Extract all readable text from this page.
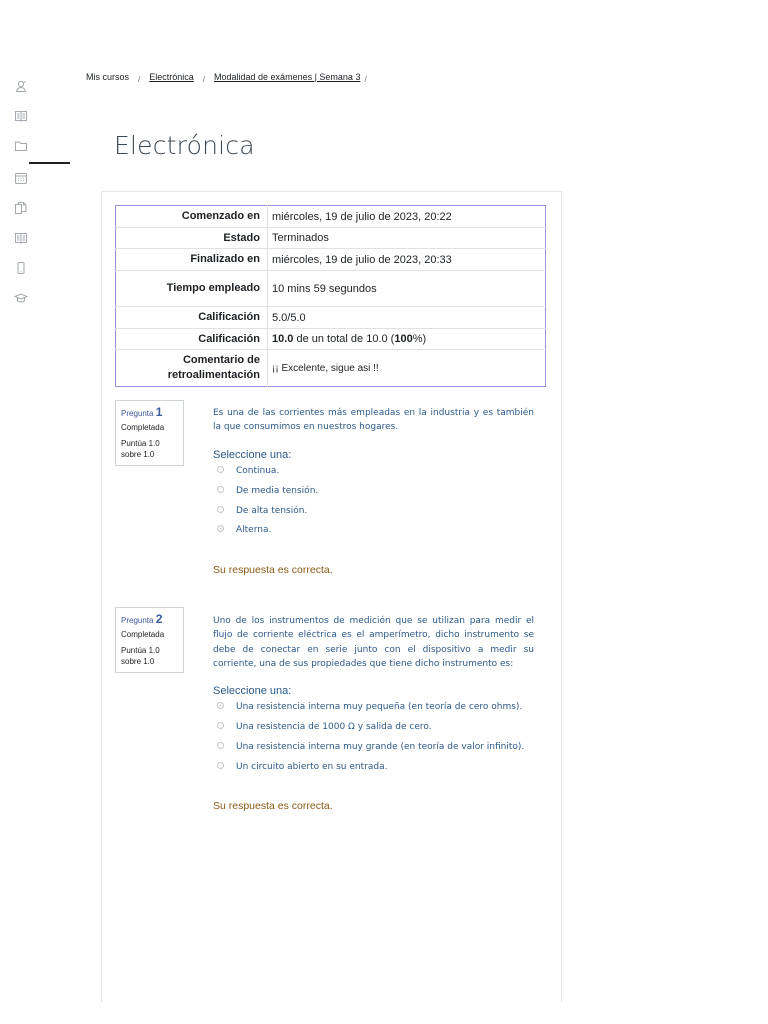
Mis cursos / Electrónica / Modalidad de exámenes | Semana 3 /
Electrónica
Comenzado en	miércoles, 19 de julio de 2023, 20:22
Estado	Terminados
Finalizado en	miércoles, 19 de julio de 2023, 20:33
Tiempo empleado	10 mins 59 segundos
Calificación	5.0/5.0
Calificación	10.0 de un total de 10.0 (100%)
Comentario de retroalimentación	¡¡ Excelente, sigue asi !!
Pregunta 1
Completada
Puntúa 1.0 sobre 1.0
Es una de las corrientes más empleadas en la industria y es también la que consumimos en nuestros hogares.
Seleccione una:
Continua.
De media tensión.
De alta tensión.
Alterna.
Su respuesta es correcta.
Pregunta 2
Completada
Puntúa 1.0 sobre 1.0
Uno de los instrumentos de medición que se utilizan para medir el flujo de corriente eléctrica es el amperímetro, dicho instrumento se debe de conectar en serie junto con el dispositivo a medir su corriente, una de sus propiedades que tiene dicho instrumento es:
Seleccione una:
Una resistencia interna muy pequeña (en teoría de cero ohms).
Una resistencia de 1000 Ω y salida de cero.
Una resistencia interna muy grande (en teoría de valor infinito).
Un circuito abierto en su entrada.
Su respuesta es correcta.
